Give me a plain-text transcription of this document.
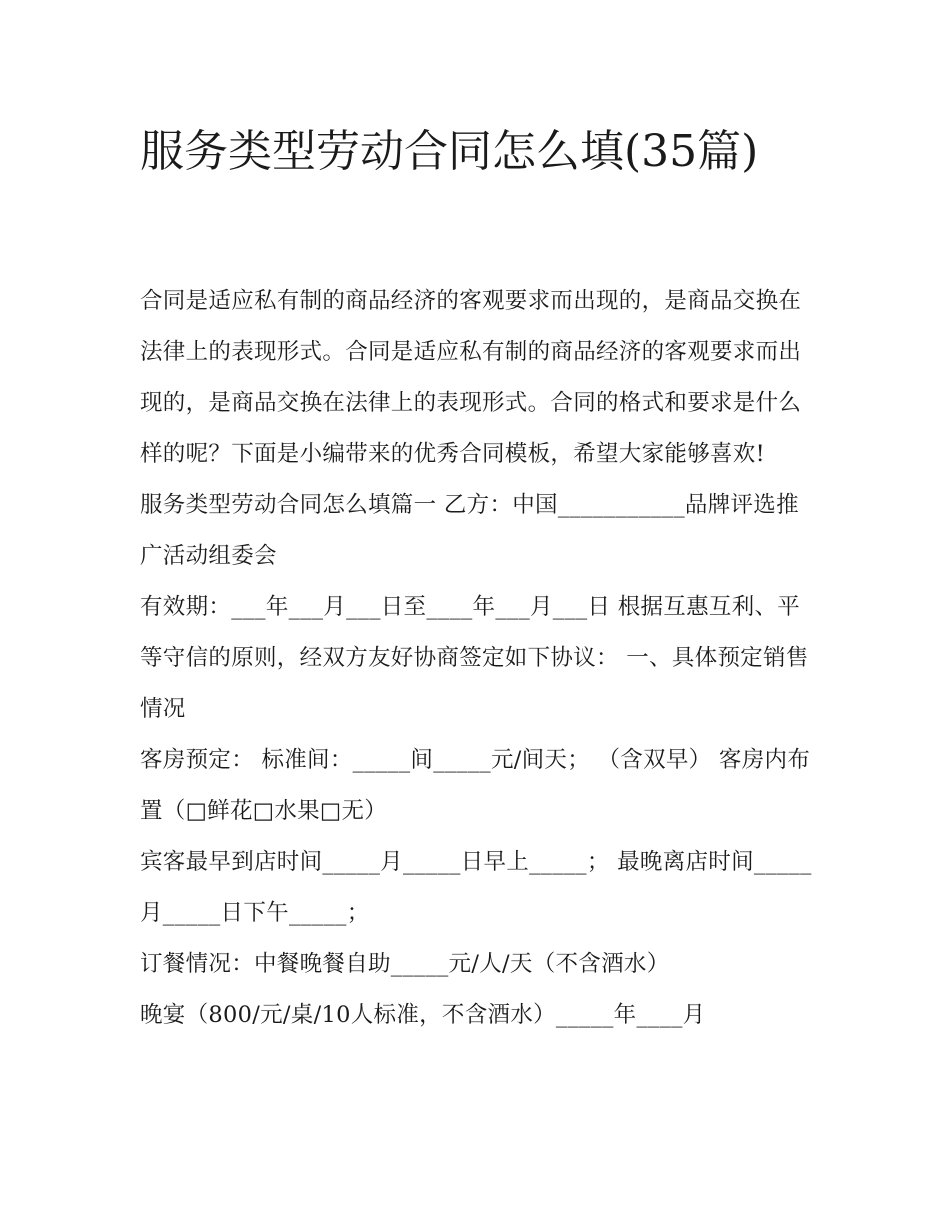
服务类型劳动合同怎么填(35篇)

合同是适应私有制的商品经济的客观要求而出现的，是商品交换在法律上的表现形式。合同是适应私有制的商品经济的客观要求而出现的，是商品交换在法律上的表现形式。合同的格式和要求是什么样的呢？下面是小编带来的优秀合同模板，希望大家能够喜欢!

服务类型劳动合同怎么填篇一 乙方：中国___________品牌评选推广活动组委会

有效期：___年___月___日至____年___月___日 根据互惠互利、平等守信的原则，经双方友好协商签定如下协议： 一、具体预定销售情况

客房预定： 标准间：_____间_____元/间天； （含双早） 客房内布置（□鲜花□水果□无）

宾客最早到店时间_____月_____日早上_____； 最晚离店时间_____月_____日下午_____；

订餐情况：中餐晚餐自助_____元/人/天（不含酒水）

晚宴（800/元/桌/10人标准，不含酒水）_____年____月
